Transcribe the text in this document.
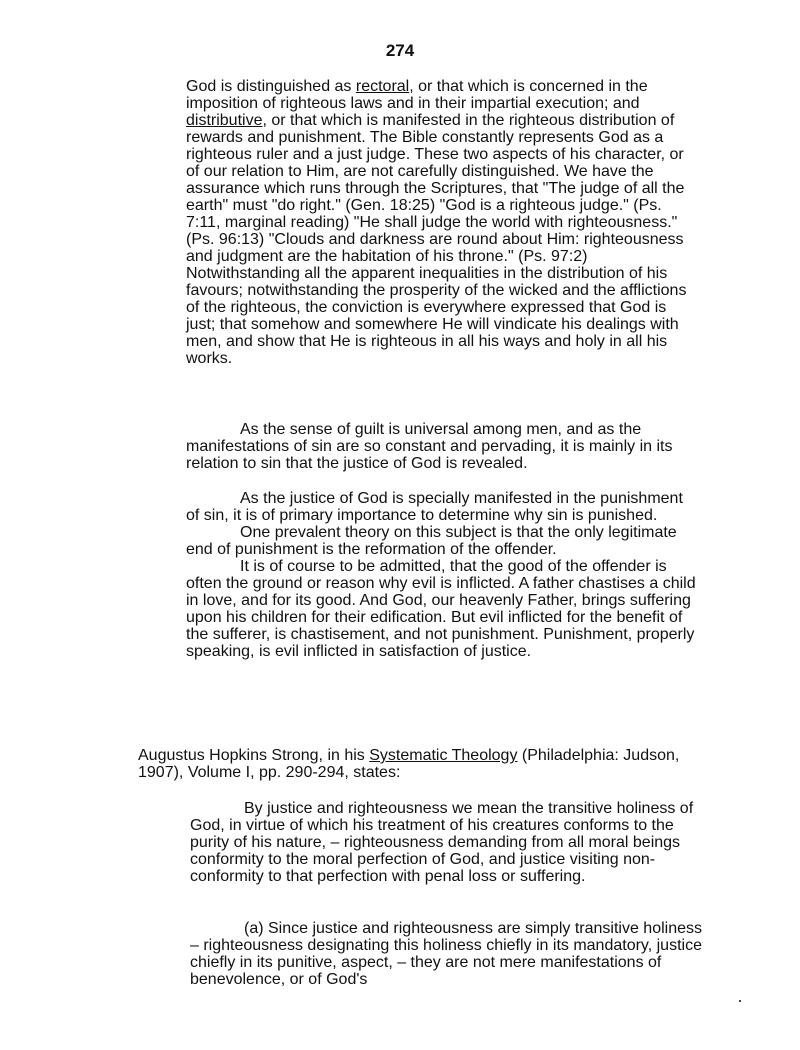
274

God is distinguished as rectoral, or that which is concerned in the imposition of righteous laws and in their impartial execution; and distributive, or that which is manifested in the righteous distribution of rewards and punishment. The Bible constantly represents God as a righteous ruler and a just judge. These two aspects of his character, or of our relation to Him, are not carefully distinguished. We have the assurance which runs through the Scriptures, that "The judge of all the earth" must "do right." (Gen. 18:25) "God is a righteous judge." (Ps. 7:11, marginal reading) "He shall judge the world with righteousness." (Ps. 96:13) "Clouds and darkness are round about Him: righteousness and judgment are the habitation of his throne." (Ps. 97:2) Notwithstanding all the apparent inequalities in the distribution of his favours; notwithstanding the prosperity of the wicked and the afflictions of the righteous, the conviction is everywhere expressed that God is just; that somehow and somewhere He will vindicate his dealings with men, and show that He is righteous in all his ways and holy in all his works.

As the sense of guilt is universal among men, and as the manifestations of sin are so constant and pervading, it is mainly in its relation to sin that the justice of God is revealed.

As the justice of God is specially manifested in the punishment of sin, it is of primary importance to determine why sin is punished.

One prevalent theory on this subject is that the only legitimate end of punishment is the reformation of the offender.

It is of course to be admitted, that the good of the offender is often the ground or reason why evil is inflicted. A father chastises a child in love, and for its good. And God, our heavenly Father, brings suffering upon his children for their edification. But evil inflicted for the benefit of the sufferer, is chastisement, and not punishment. Punishment, properly speaking, is evil inflicted in satisfaction of justice.

Augustus Hopkins Strong, in his Systematic Theology (Philadelphia: Judson, 1907), Volume I, pp. 290-294, states:

By justice and righteousness we mean the transitive holiness of God, in virtue of which his treatment of his creatures conforms to the purity of his nature, – righteousness demanding from all moral beings conformity to the moral perfection of God, and justice visiting non-conformity to that perfection with penal loss or suffering.

(a) Since justice and righteousness are simply transitive holiness – righteousness designating this holiness chiefly in its mandatory, justice chiefly in its punitive, aspect, – they are not mere manifestations of benevolence, or of God's
